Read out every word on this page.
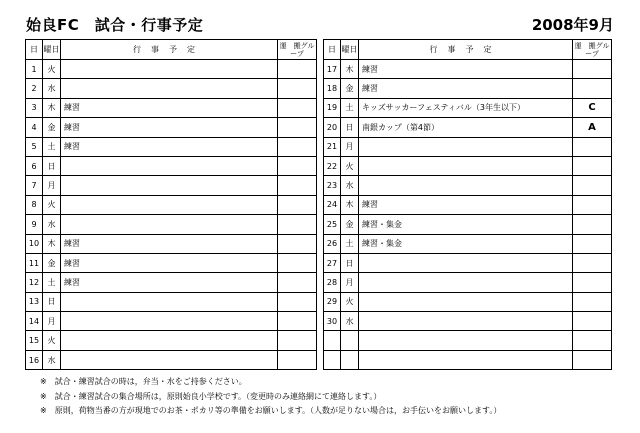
始良FC　試合・行事予定	2008年9月
日	曜日	行事予定	運　搬グループ
1	火		
2	水		
3	木	練習	
4	金	練習	
5	土	練習	
6	日		
7	月		
8	火		
9	水		
10	木	練習	
11	金	練習	
12	土	練習	
13	日		
14	月		
15	火		
16	水		
日	曜日	行事予定	運　搬グループ
17	木	練習	
18	金	練習	
19	土	キッズサッカーフェスティバル（3年生以下）	C
20	日	南銀カップ（第4節）	A
21	月		
22	火		
23	水		
24	木	練習	
25	金	練習・集金	
26	土	練習・集金	
27	日		
28	月		
29	火		
30	水		

※　試合・練習試合の時は，弁当・水をご持参ください。
※　試合・練習試合の集合場所は，原則始良小学校です。（変更時のみ連絡網にて連絡します。）
※　原則，荷物当番の方が現地でのお茶・ポカリ等の準備をお願いします。（人数が足りない場合は，お手伝いをお願いします。）
